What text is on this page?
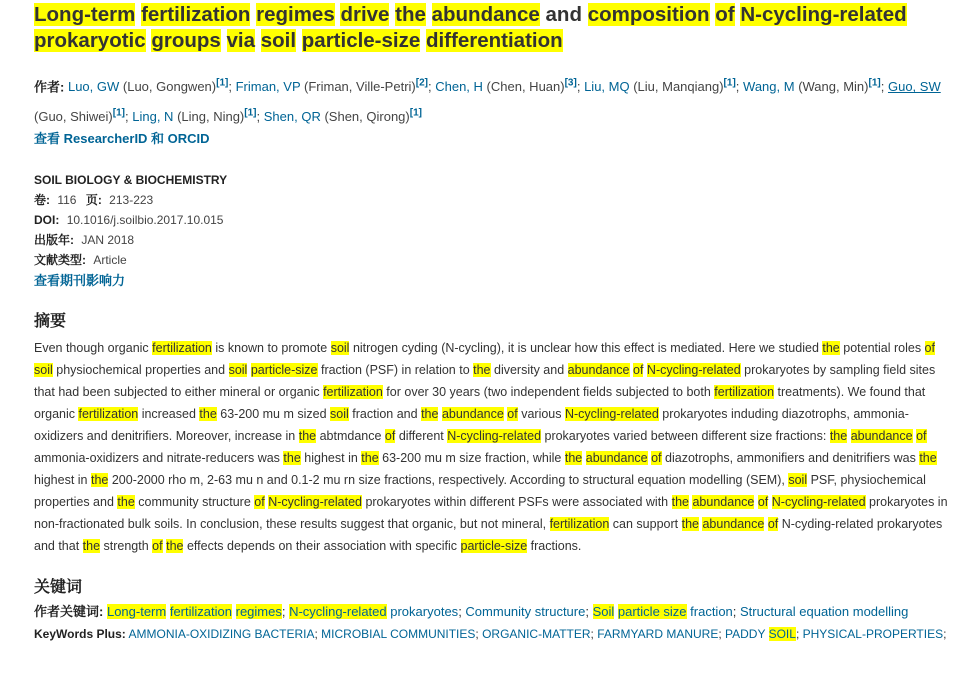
Long-term fertilization regimes drive the abundance and composition of N-cycling-related prokaryotic groups via soil particle-size differentiation
作者: Luo, GW (Luo, Gongwen)[1]; Friman, VP (Friman, Ville-Petri)[2]; Chen, H (Chen, Huan)[3]; Liu, MQ (Liu, Manqiang)[1]; Wang, M (Wang, Min)[1]; Guo, SW (Guo, Shiwei)[1]; Ling, N (Ling, Ning)[1]; Shen, QR (Shen, Qirong)[1]
查看 ResearcherID 和 ORCID
SOIL BIOLOGY & BIOCHEMISTRY
卷: 116 页: 213-223
DOI: 10.1016/j.soilbio.2017.10.015
出版年: JAN 2018
文献类型: Article
查看期刊影响力
摘要
Even though organic fertilization is known to promote soil nitrogen cyding (N-cycling), it is unclear how this effect is mediated. Here we studied the potential roles of soil physiochemical properties and soil particle-size fraction (PSF) in relation to the diversity and abundance of N-cycling-related prokaryotes by sampling field sites that had been subjected to either mineral or organic fertilization for over 30 years (two independent fields subjected to both fertilization treatments). We found that organic fertilization increased the 63-200 mu m sized soil fraction and the abundance of various N-cycling-related prokaryotes induding diazotrophs, ammonia-oxidizers and denitrifiers. Moreover, increase in the abtmdance of different N-cycling-related prokaryotes varied between different size fractions: the abundance of ammonia-oxidizers and nitrate-reducers was the highest in the 63-200 mu m size fraction, while the abundance of diazotrophs, ammonifiers and denitrifiers was the highest in the 200-2000 rho m, 2-63 mu n and 0.1-2 mu rn size fractions, respectively. According to structural equation modelling (SEM), soil PSF, physiochemical properties and the community structure of N-cycling-related prokaryotes within different PSFs were associated with the abundance of N-cycling-related prokaryotes in non-fractionated bulk soils. In conclusion, these results suggest that organic, but not mineral, fertilization can support the abundance of N-cyding-related prokaryotes and that the strength of the effects depends on their association with specific particle-size fractions.
关键词
作者关键词: Long-term fertilization regimes; N-cycling-related prokaryotes; Community structure; Soil particle size fraction; Structural equation modelling
KeyWords Plus: AMMONIA-OXIDIZING BACTERIA; MICROBIAL COMMUNITIES; ORGANIC-MATTER; FARMYARD MANURE; PADDY SOIL; PHYSICAL-PROPERTIES;
